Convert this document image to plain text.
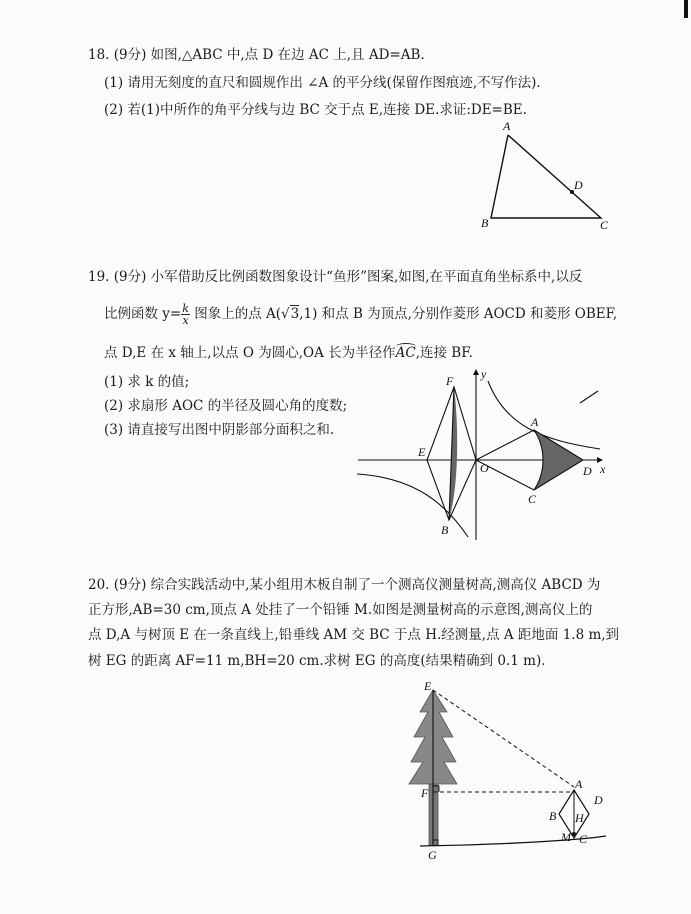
18. (9分) 如图,△ABC 中,点 D 在边 AC 上,且 AD=AB.
(1) 请用无刻度的直尺和圆规作出 ∠A 的平分线(保留作图痕迹,不写作法).
(2) 若(1)中所作的角平分线与边 BC 交于点 E,连接 DE.求证:DE=BE.
A
B	C
D
19. (9分) 小军借助反比例函数图象设计“鱼形”图案,如图,在平面直角坐标系中,以反
比例函数 $y= \frac{k}{x}$ 图象上的点 A(√3,1) 和点 B 为顶点,分别作菱形 AOCD 和菱形 OBEF,
点 D,E 在 x 轴上,以点 O 为圆心,OA 长为半径作AC,连接 BF.
(1) 求 k 的值;
(2) 求扇形 AOC 的半径及圆心角的度数;
(3) 请直接写出图中阴影部分面积之和.
F
E
O
B
A
C
D x
y
20. (9分) 综合实践活动中,某小组用木板自制了一个测高仪测量树高,测高仪 ABCD 为
正方形,AB=30 cm,顶点 A 处挂了一个铅锤 M.如图是测量树高的示意图,测高仪上的
点 D,A 与树顶 E 在一条直线上,铅垂线 AM 交 BC 于点 H.经测量,点 A 距地面 1.8 m,到
树 EG 的距离 AF=11 m,BH=20 cm.求树 EG 的高度(结果精确到 0.1 m).
E
F
G
A
B H
D
M C
